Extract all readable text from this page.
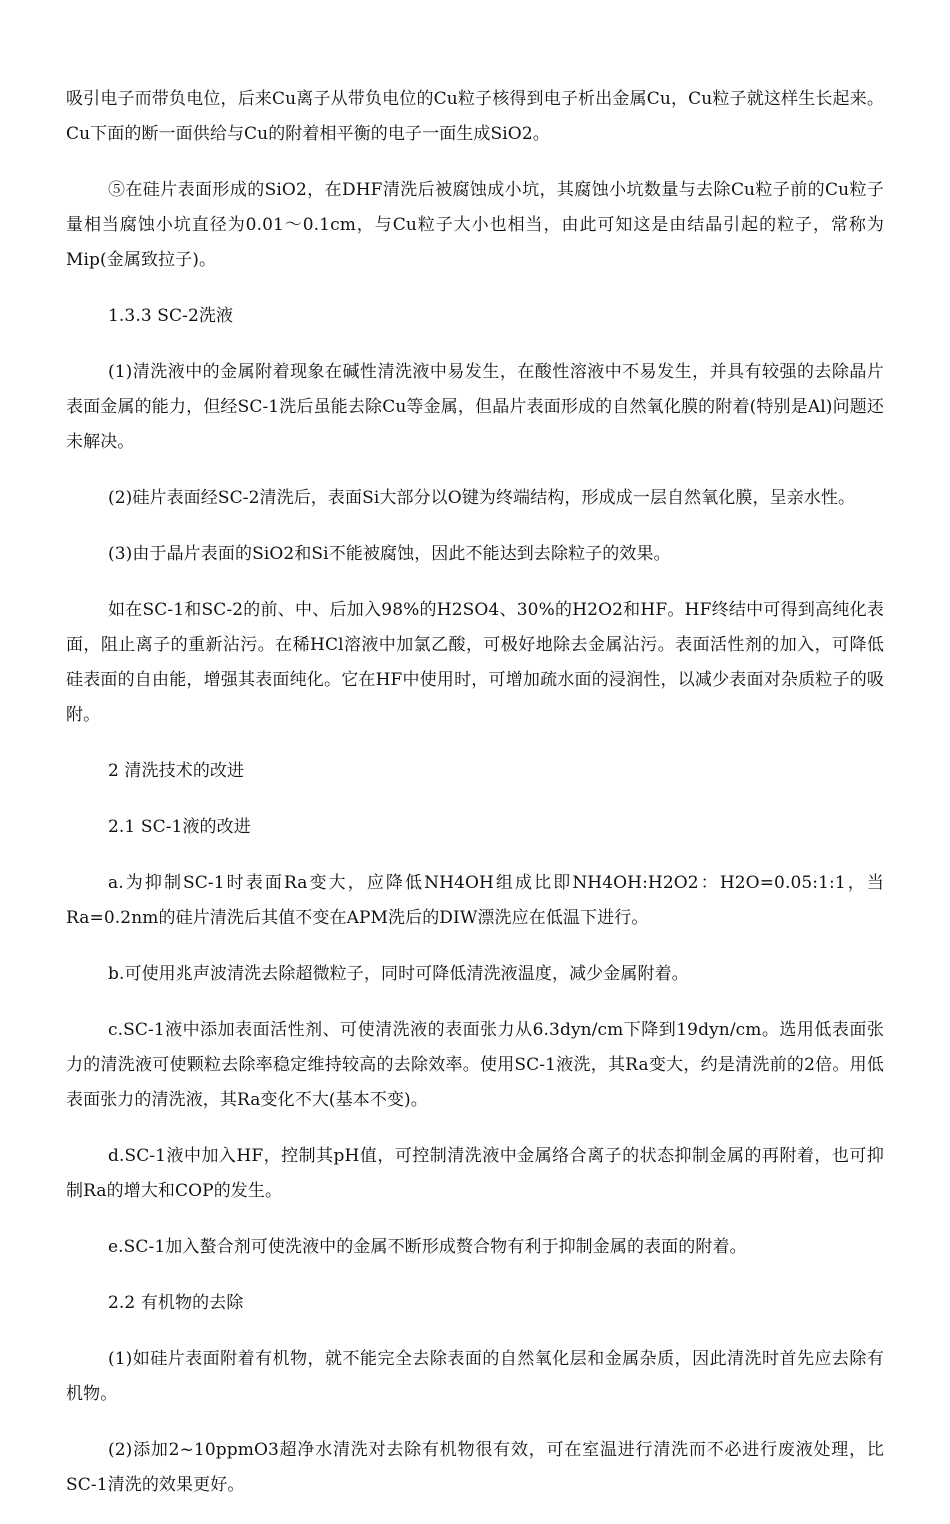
吸引电子而带负电位，后来Cu离子从带负电位的Cu粒子核得到电子析出金属Cu，Cu粒子就这样生长起来。Cu下面的断一面供给与Cu的附着相平衡的电子一面生成SiO2。

⑤在硅片表面形成的SiO2，在DHF清洗后被腐蚀成小坑，其腐蚀小坑数量与去除Cu粒子前的Cu粒子量相当腐蚀小坑直径为0.01～0.1cm，与Cu粒子大小也相当，由此可知这是由结晶引起的粒子，常称为Mip(金属致拉子)。

1.3.3 SC-2洗液

(1)清洗液中的金属附着现象在碱性清洗液中易发生，在酸性溶液中不易发生，并具有较强的去除晶片表面金属的能力，但经SC-1洗后虽能去除Cu等金属，但晶片表面形成的自然氧化膜的附着(特别是Al)问题还未解决。

(2)硅片表面经SC-2清洗后，表面Si大部分以O键为终端结构，形成成一层自然氧化膜，呈亲水性。

(3)由于晶片表面的SiO2和Si不能被腐蚀，因此不能达到去除粒子的效果。

如在SC-1和SC-2的前、中、后加入98%的H2SO4、30%的H2O2和HF。HF终结中可得到高纯化表面，阻止离子的重新沾污。在稀HCl溶液中加氯乙酸，可极好地除去金属沾污。表面活性剂的加入，可降低硅表面的自由能，增强其表面纯化。它在HF中使用时，可增加疏水面的浸润性，以减少表面对杂质粒子的吸附。

2 清洗技术的改进

2.1 SC-1液的改进

a.为抑制SC-1时表面Ra变大，应降低NH4OH组成比即NH4OH:H2O2：H2O=0.05:1:1，当Ra=0.2nm的硅片清洗后其值不变在APM洗后的DIW漂洗应在低温下进行。

b.可使用兆声波清洗去除超微粒子，同时可降低清洗液温度，减少金属附着。

c.SC-1液中添加表面活性剂、可使清洗液的表面张力从6.3dyn/cm下降到19dyn/cm。选用低表面张力的清洗液可使颗粒去除率稳定维持较高的去除效率。使用SC-1液洗，其Ra变大，约是清洗前的2倍。用低表面张力的清洗液，其Ra变化不大(基本不变)。

d.SC-1液中加入HF，控制其pH值，可控制清洗液中金属络合离子的状态抑制金属的再附着，也可抑制Ra的增大和COP的发生。

e.SC-1加入螯合剂可使洗液中的金属不断形成赘合物有利于抑制金属的表面的附着。

2.2 有机物的去除

(1)如硅片表面附着有机物，就不能完全去除表面的自然氧化层和金属杂质，因此清洗时首先应去除有机物。

(2)添加2~10ppmO3超净水清洗对去除有机物很有效，可在室温进行清洗而不必进行废液处理，比SC-1清洗的效果更好。
